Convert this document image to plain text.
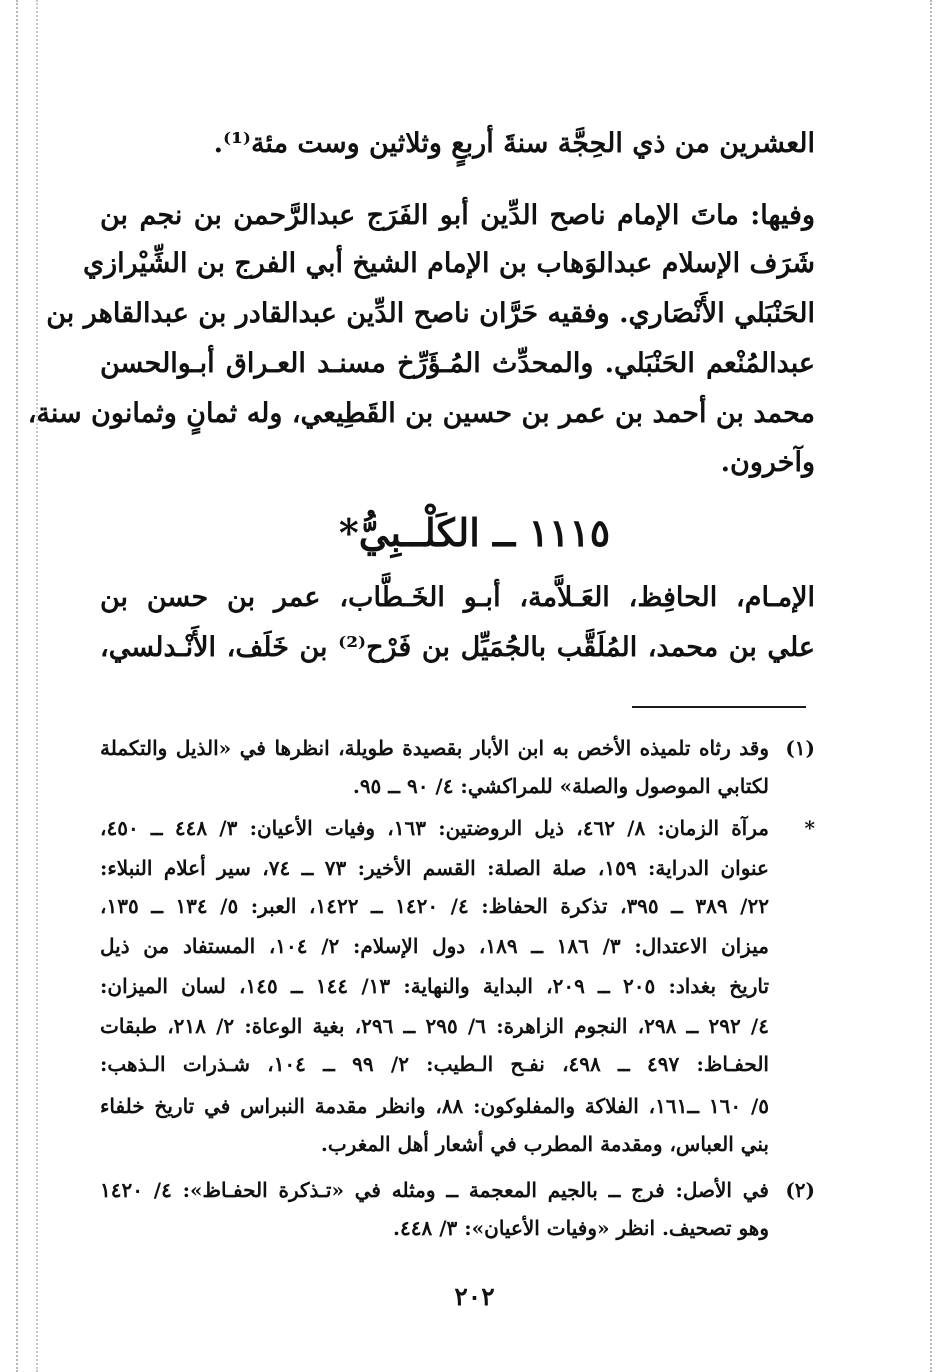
العشرين من ذي الحِجَّة سنةَ أربعٍ وثلاثين وست مئة⁽¹⁾.
وفيها: ماتَ الإمام ناصح الدِّين أبو الفَرَج عبدالرَّحمن بن نجم بن
شَرَف الإسلام عبدالوَهاب بن الإمام الشيخ أبي الفرج بن الشِّيْرازي
الحَنْبَلي الأَنْصَاري. وفقيه حَرَّان ناصح الدِّين عبدالقادر بن عبدالقاهر بن
عبدالمُنْعم الحَنْبَلي. والمحدِّث المُـؤَرِّخ مسنـد العـراق أبـوالحسن
محمد بن أحمد بن عمر بن حسين بن القَطِيعي، وله ثمانٍ وثمانون سنة،
وآخرون.
١١١٥ ــ الكَلْــبِيُّ*
الإمـام، الحافِظ، العَـلاَّمة، أبـو الخَـطَّاب، عمر بن حسن بن
علي بن محمد، المُلَقَّب بالجُمَيِّل بن فَرْح⁽²⁾ بن خَلَف، الأَنْـدلسي،
(١)
وقد رثاه تلميذه الأخص به ابن الأبار بقصيدة طويلة، انظرها في «الذيل والتكملة
لكتابي الموصول والصلة» للمراكشي: ٤/ ٩٠ ــ ٩٥.
*
مرآة الزمان: ٨/ ٤٦٢، ذيل الروضتين: ١٦٣، وفيات الأعيان: ٣/ ٤٤٨ ــ ٤٥٠،
عنوان الدراية: ١٥٩، صلة الصلة: القسم الأخير: ٧٣ ــ ٧٤، سير أعلام النبلاء:
٢٢/ ٣٨٩ ــ ٣٩٥، تذكرة الحفاظ: ٤/ ١٤٢٠ ــ ١٤٢٢، العبر: ٥/ ١٣٤ ــ ١٣٥،
ميزان الاعتدال: ٣/ ١٨٦ ــ ١٨٩، دول الإسلام: ٢/ ١٠٤، المستفاد من ذيل
تاريخ بغداد: ٢٠٥ ــ ٢٠٩، البداية والنهاية: ١٣/ ١٤٤ ــ ١٤٥، لسان الميزان:
٤/ ٢٩٢ ــ ٢٩٨، النجوم الزاهرة: ٦/ ٢٩٥ ــ ٢٩٦، بغية الوعاة: ٢/ ٢١٨، طبقات
الحفـاظ: ٤٩٧ ــ ٤٩٨، نفـح الـطيب: ٢/ ٩٩ ــ ١٠٤، شـذرات الـذهب:
٥/ ١٦٠ ــ١٦١، الفلاكة والمفلوكون: ٨٨، وانظر مقدمة النبراس في تاريخ خلفاء
بني العباس، ومقدمة المطرب في أشعار أهل المغرب.
(٢)
في الأصل: فرج ــ بالجيم المعجمة ــ ومثله في «تـذكرة الحفـاظ»: ٤/ ١٤٢٠
وهو تصحيف. انظر «وفيات الأعيان»: ٣/ ٤٤٨.
٢٠٢
